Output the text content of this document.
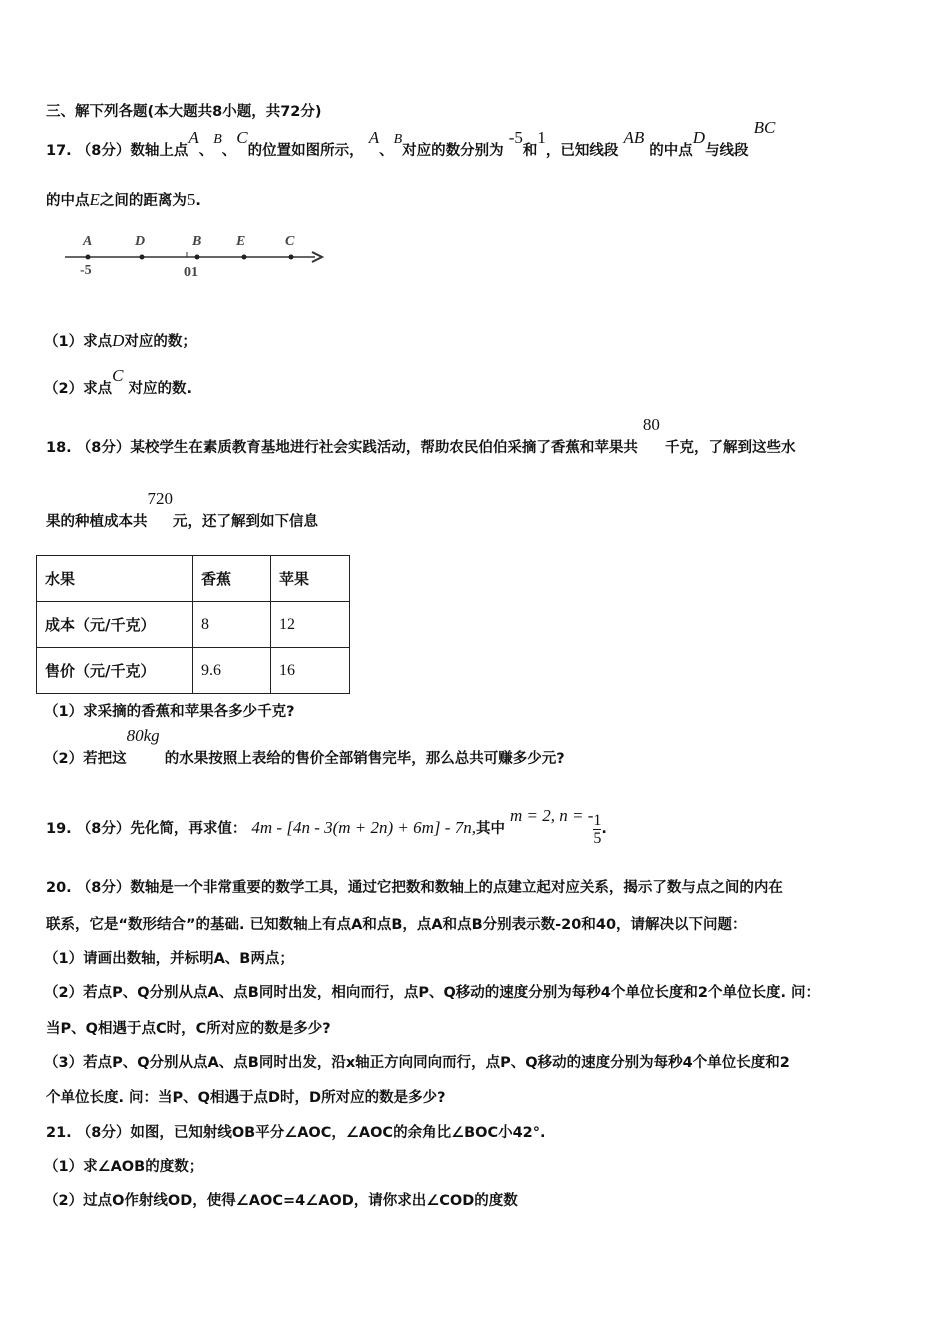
三、解下列各题(本大题共8小题，共72分)
17. （8分）数轴上点A、B、C的位置如图所示， A、B对应的数分别为 -5和1，已知线段 AB 的中点D与线段 BC
的中点E之间的距离为5.
A	D	B E	C
-5	01
（1）求点D对应的数；
（2）求点C 对应的数.
18. （8分）某校学生在素质教育基地进行社会实践活动，帮助农民伯伯采摘了香蕉和苹果共 80 千克，了解到这些水
果的种植成本共720元，还了解到如下信息
水果	香蕉	苹果
成本（元/千克）	8	12
售价（元/千克）	9.6	16
（1）求采摘的香蕉和苹果各多少千克?
（2）若把这80kg 的水果按照上表给的售价全部销售完毕，那么总共可赚多少元?
19. （8分）先化简，再求值： 4m - [4n - 3(m + 2n) + 6m] - 7n,其中 m = 2, n = - $\frac{1}{5}$ .
20. （8分）数轴是一个非常重要的数学工具，通过它把数和数轴上的点建立起对应关系，揭示了数与点之间的内在
联系，它是“数形结合”的基础. 已知数轴上有点A和点B，点A和点B分别表示数-20和40，请解决以下问题：
（1）请画出数轴，并标明A、B两点；
（2）若点P、Q分别从点A、点B同时出发，相向而行，点P、Q移动的速度分别为每秒4个单位长度和2个单位长度. 问：
当P、Q相遇于点C时，C所对应的数是多少?
（3）若点P、Q分别从点A、点B同时出发，沿x轴正方向同向而行，点P、Q移动的速度分别为每秒4个单位长度和2
个单位长度. 问：当P、Q相遇于点D时，D所对应的数是多少?
21. （8分）如图，已知射线OB平分∠AOC，∠AOC的余角比∠BOC小42°.
（1）求∠AOB的度数；
（2）过点O作射线OD，使得∠AOC=4∠AOD，请你求出∠COD的度数
